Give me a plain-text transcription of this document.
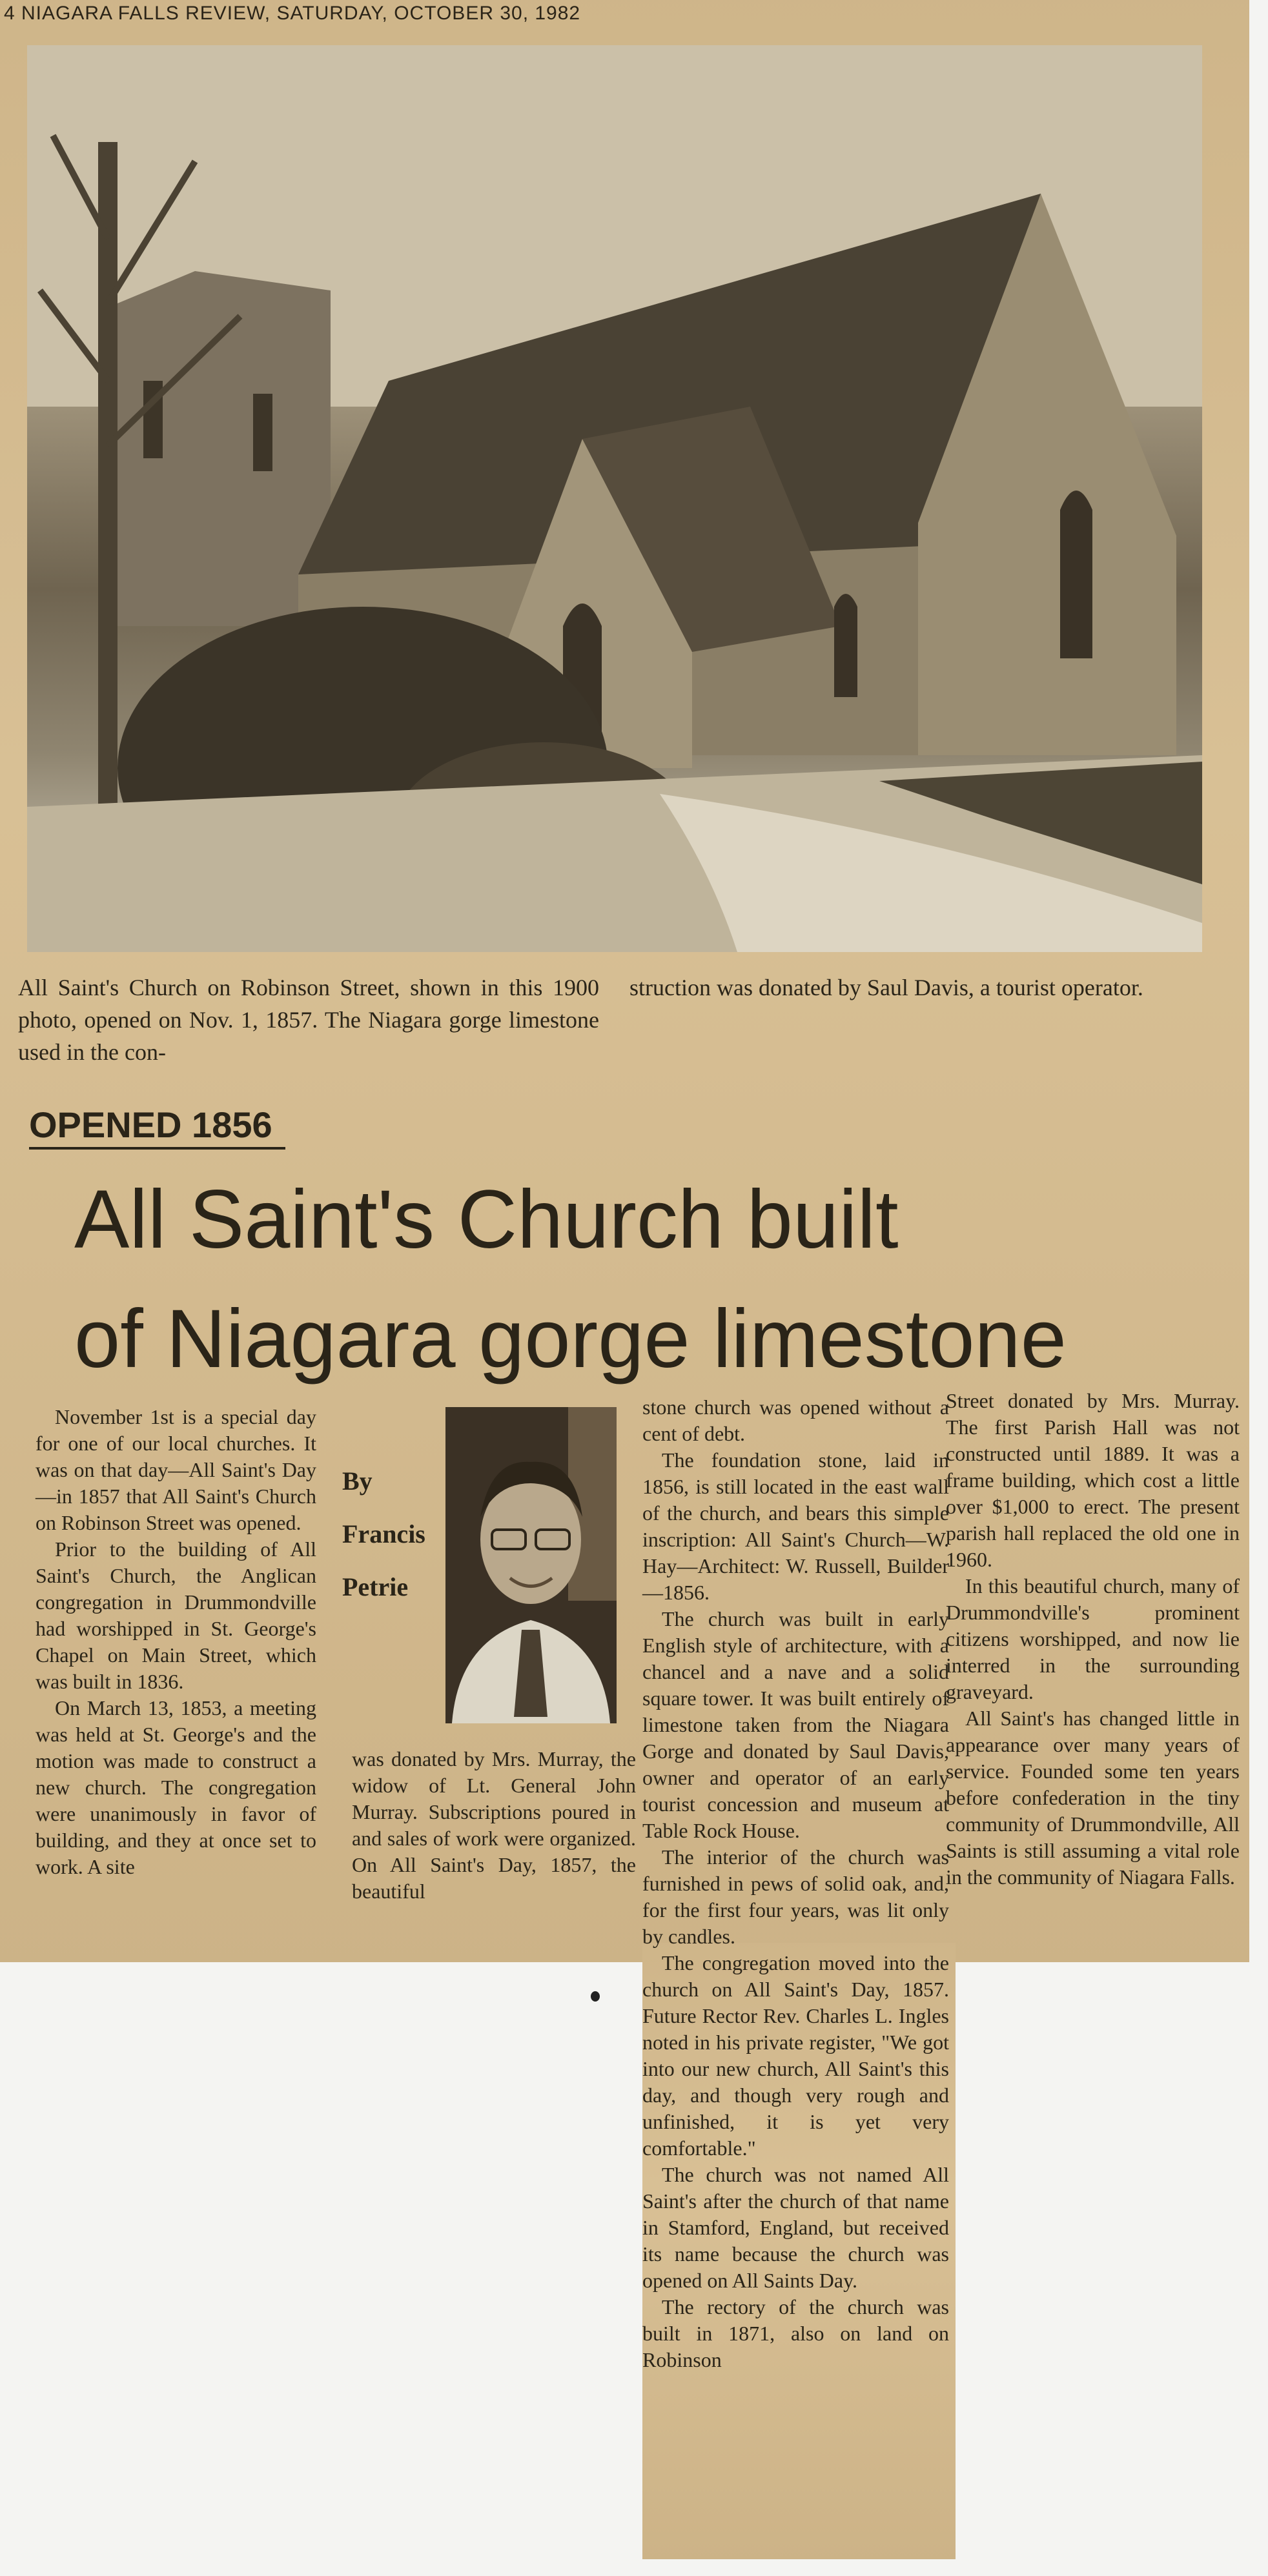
4 NIAGARA FALLS REVIEW, SATURDAY, OCTOBER 30, 1982
All Saint's Church on Robinson Street, shown in this 1900 photo, opened on Nov. 1, 1857. The Niagara gorge limestone used in the con-
struction was donated by Saul Davis, a tourist operator.
OPENED 1856
All Saint's Church built
of Niagara gorge limestone

November 1st is a special day for one of our local churches. It was on that day—All Saint's Day—in 1857 that All Saint's Church on Robinson Street was opened.

Prior to the building of All Saint's Church, the Anglican congregation in Drummondville had worshipped in St. George's Chapel on Main Street, which was built in 1836.

On March 13, 1853, a meeting was held at St. George's and the motion was made to construct a new church. The congregation were unanimously in favor of building, and they at once set to work. A site

By
Francis
Petrie

was donated by Mrs. Murray, the widow of Lt. General John Murray. Subscriptions poured in and sales of work were organized. On All Saint's Day, 1857, the beautiful

stone church was opened without a cent of debt.

The foundation stone, laid in 1856, is still located in the east wall of the church, and bears this simple inscription: All Saint's Church—W. Hay—Architect: W. Russell, Builder—1856.

The church was built in early English style of architecture, with a chancel and a nave and a solid square tower. It was built entirely of limestone taken from the Niagara Gorge and donated by Saul Davis, owner and operator of an early tourist concession and museum at Table Rock House.

The interior of the church was furnished in pews of solid oak, and, for the first four years, was lit only by candles.

The congregation moved into the church on All Saint's Day, 1857. Future Rector Rev. Charles L. Ingles noted in his private register, "We got into our new church, All Saint's this day, and though very rough and unfinished, it is yet very comfortable."

The church was not named All Saint's after the church of that name in Stamford, England, but received its name because the church was opened on All Saints Day.

The rectory of the church was built in 1871, also on land on Robinson

Street donated by Mrs. Murray. The first Parish Hall was not constructed until 1889. It was a frame building, which cost a little over $1,000 to erect. The present parish hall replaced the old one in 1960.

In this beautiful church, many of Drummondville's prominent citizens worshipped, and now lie interred in the surrounding graveyard.

All Saint's has changed little in appearance over many years of service. Founded some ten years before confederation in the tiny community of Drummondville, All Saints is still assuming a vital role in the community of Niagara Falls.
